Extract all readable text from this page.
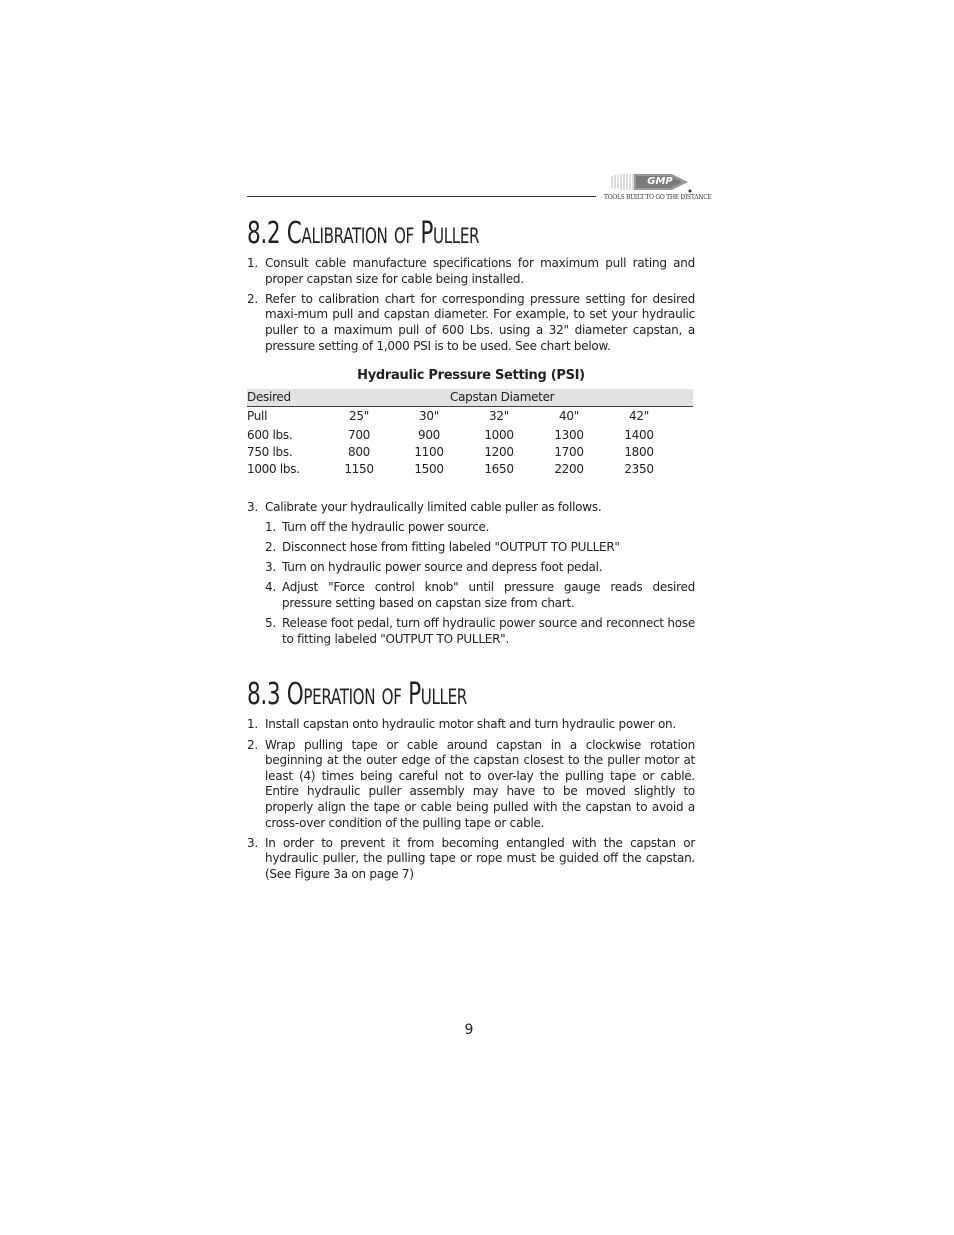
GMP
TOOLS BUILT TO GO THE DISTANCE
8.2 Calibration of Puller
1. Consult cable manufacture specifications for maximum pull rating and proper capstan size for cable being installed.
2. Refer to calibration chart for corresponding pressure setting for desired maxi-mum pull and capstan diameter. For example, to set your hydraulic puller to a maximum pull of 600 Lbs. using a 32" diameter capstan, a pressure setting of 1,000 PSI is to be used. See chart below.
Hydraulic Pressure Setting (PSI)
Desired	Capstan Diameter					
Pull	25"	30"	32"	40"	42"	
600 lbs.	700	900	1000	1300	1400	
750 lbs.	800	1100	1200	1700	1800	
1000 lbs.	1150	1500	1650	2200	2350	
3. Calibrate your hydraulically limited cable puller as follows.
1. Turn off the hydraulic power source.
2. Disconnect hose from fitting labeled "OUTPUT TO PULLER"
3. Turn on hydraulic power source and depress foot pedal.
4. Adjust "Force control knob" until pressure gauge reads desired pressure setting based on capstan size from chart.
5. Release foot pedal, turn off hydraulic power source and reconnect hose to fitting labeled "OUTPUT TO PULLER".
8.3 Operation of Puller
1. Install capstan onto hydraulic motor shaft and turn hydraulic power on.
2. Wrap pulling tape or cable around capstan in a clockwise rotation beginning at the outer edge of the capstan closest to the puller motor at least (4) times being careful not to over-lay the pulling tape or cable. Entire hydraulic puller assembly may have to be moved slightly to properly align the tape or cable being pulled with the capstan to avoid a cross-over condition of the pulling tape or cable.
3. In order to prevent it from becoming entangled with the capstan or hydraulic puller, the pulling tape or rope must be guided off the capstan. (See Figure 3a on page 7)
9
